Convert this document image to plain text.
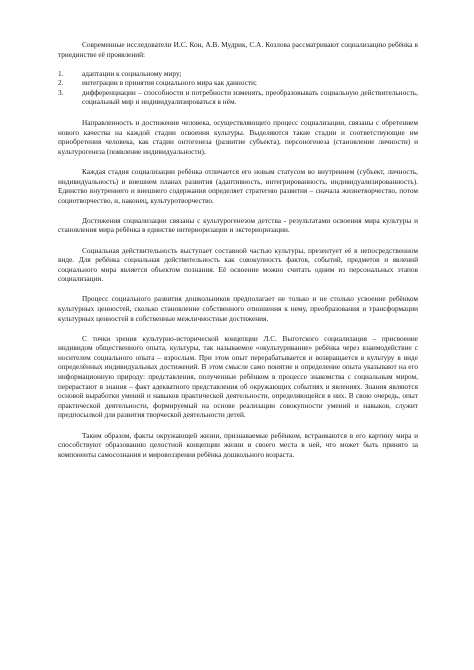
Современные исследователи И.С. Кон, А.В. Мудрик, С.А. Козлова рассматривают социализацию ребёнка в триединстве её проявлений:

1.	адаптации к социальному миру;
2.	интеграции в принятия социального мира как данности;
3.	дифференциации – способности и потребности изменять, преобразовывать социальную действительность, социальный мир и индивидуализироваться в нём.

Направленность и достижения человека, осуществляющего процесс социализации, связаны с обретением нового качества на каждой стадии освоения культуры. Выделяются такие стадии и соответствующие им приобретения человека, как стадии онтогенеза (развитие субъекта), персоногенеза (становление личности) и культурогенеза (появление индивидуальности).

Каждая стадия социализации ребёнка отличается его новым статусом во внутреннем (субъект, личность, индивидуальность) и внешнем планах развития (адаптивность, интегрированность, индивидуализированность). Единство внутреннего и внешнего содержания определяет стратегию развития – сначала жизнетворчество, потом социотворчество, и, наконец, культуротворчество.

Достижения социализации связаны с культурогенезом детства - результатами освоения мира культуры и становления мира ребёнка в единстве интериоризации и экстериоризации.

Социальная действительность выступает составной частью культуры, презентует её в непосредственном виде. Для ребёнка социальная действительность как совокупность фактов, событий, предметов и явлений социального мира является объектом познания. Её освоение можно считать одним из персональных этапов социализации.

Процесс социального развития дошкольников предполагает не только и не столько усвоение ребёнком культурных ценностей, сколько становление собственного отношения к нему, преобразования и трансформации культурных ценностей в собственные межличностные достижения.

С точки зрения культурно-исторической концепции Л.С. Выготского социализация – присвоение индивидом общественного опыта, культуры, так называемое «окультуривание» ребёнка через взаимодействие с носителем социального опыта – взрослым. При этом опыт перерабатывается и возвращается в культуру в виде определённых индивидуальных достижений. В этом смысле само понятие и определение опыта указывают на его информационную природу: представления, полученные ребёнком в процессе знакомства с социальным миром, перерастают в знания – факт адекватного представления об окружающих событиях и явлениях. Знания являются основой выработки умений и навыков практической деятельности, определяющейся в них. В свою очередь, опыт практической деятельности, формируемый на основе реализации совокупности умений и навыков, служит предпосылкой для развития творческой деятельности детей.

Таким образом, факты окружающей жизни, признаваемые ребёнком, встраиваются в его картину мира и способствуют образованию целостной концепции жизни и своего места в ней, что может быть принято за компоненты самосознания и мировоззрения ребёнка дошкольного возраста.
